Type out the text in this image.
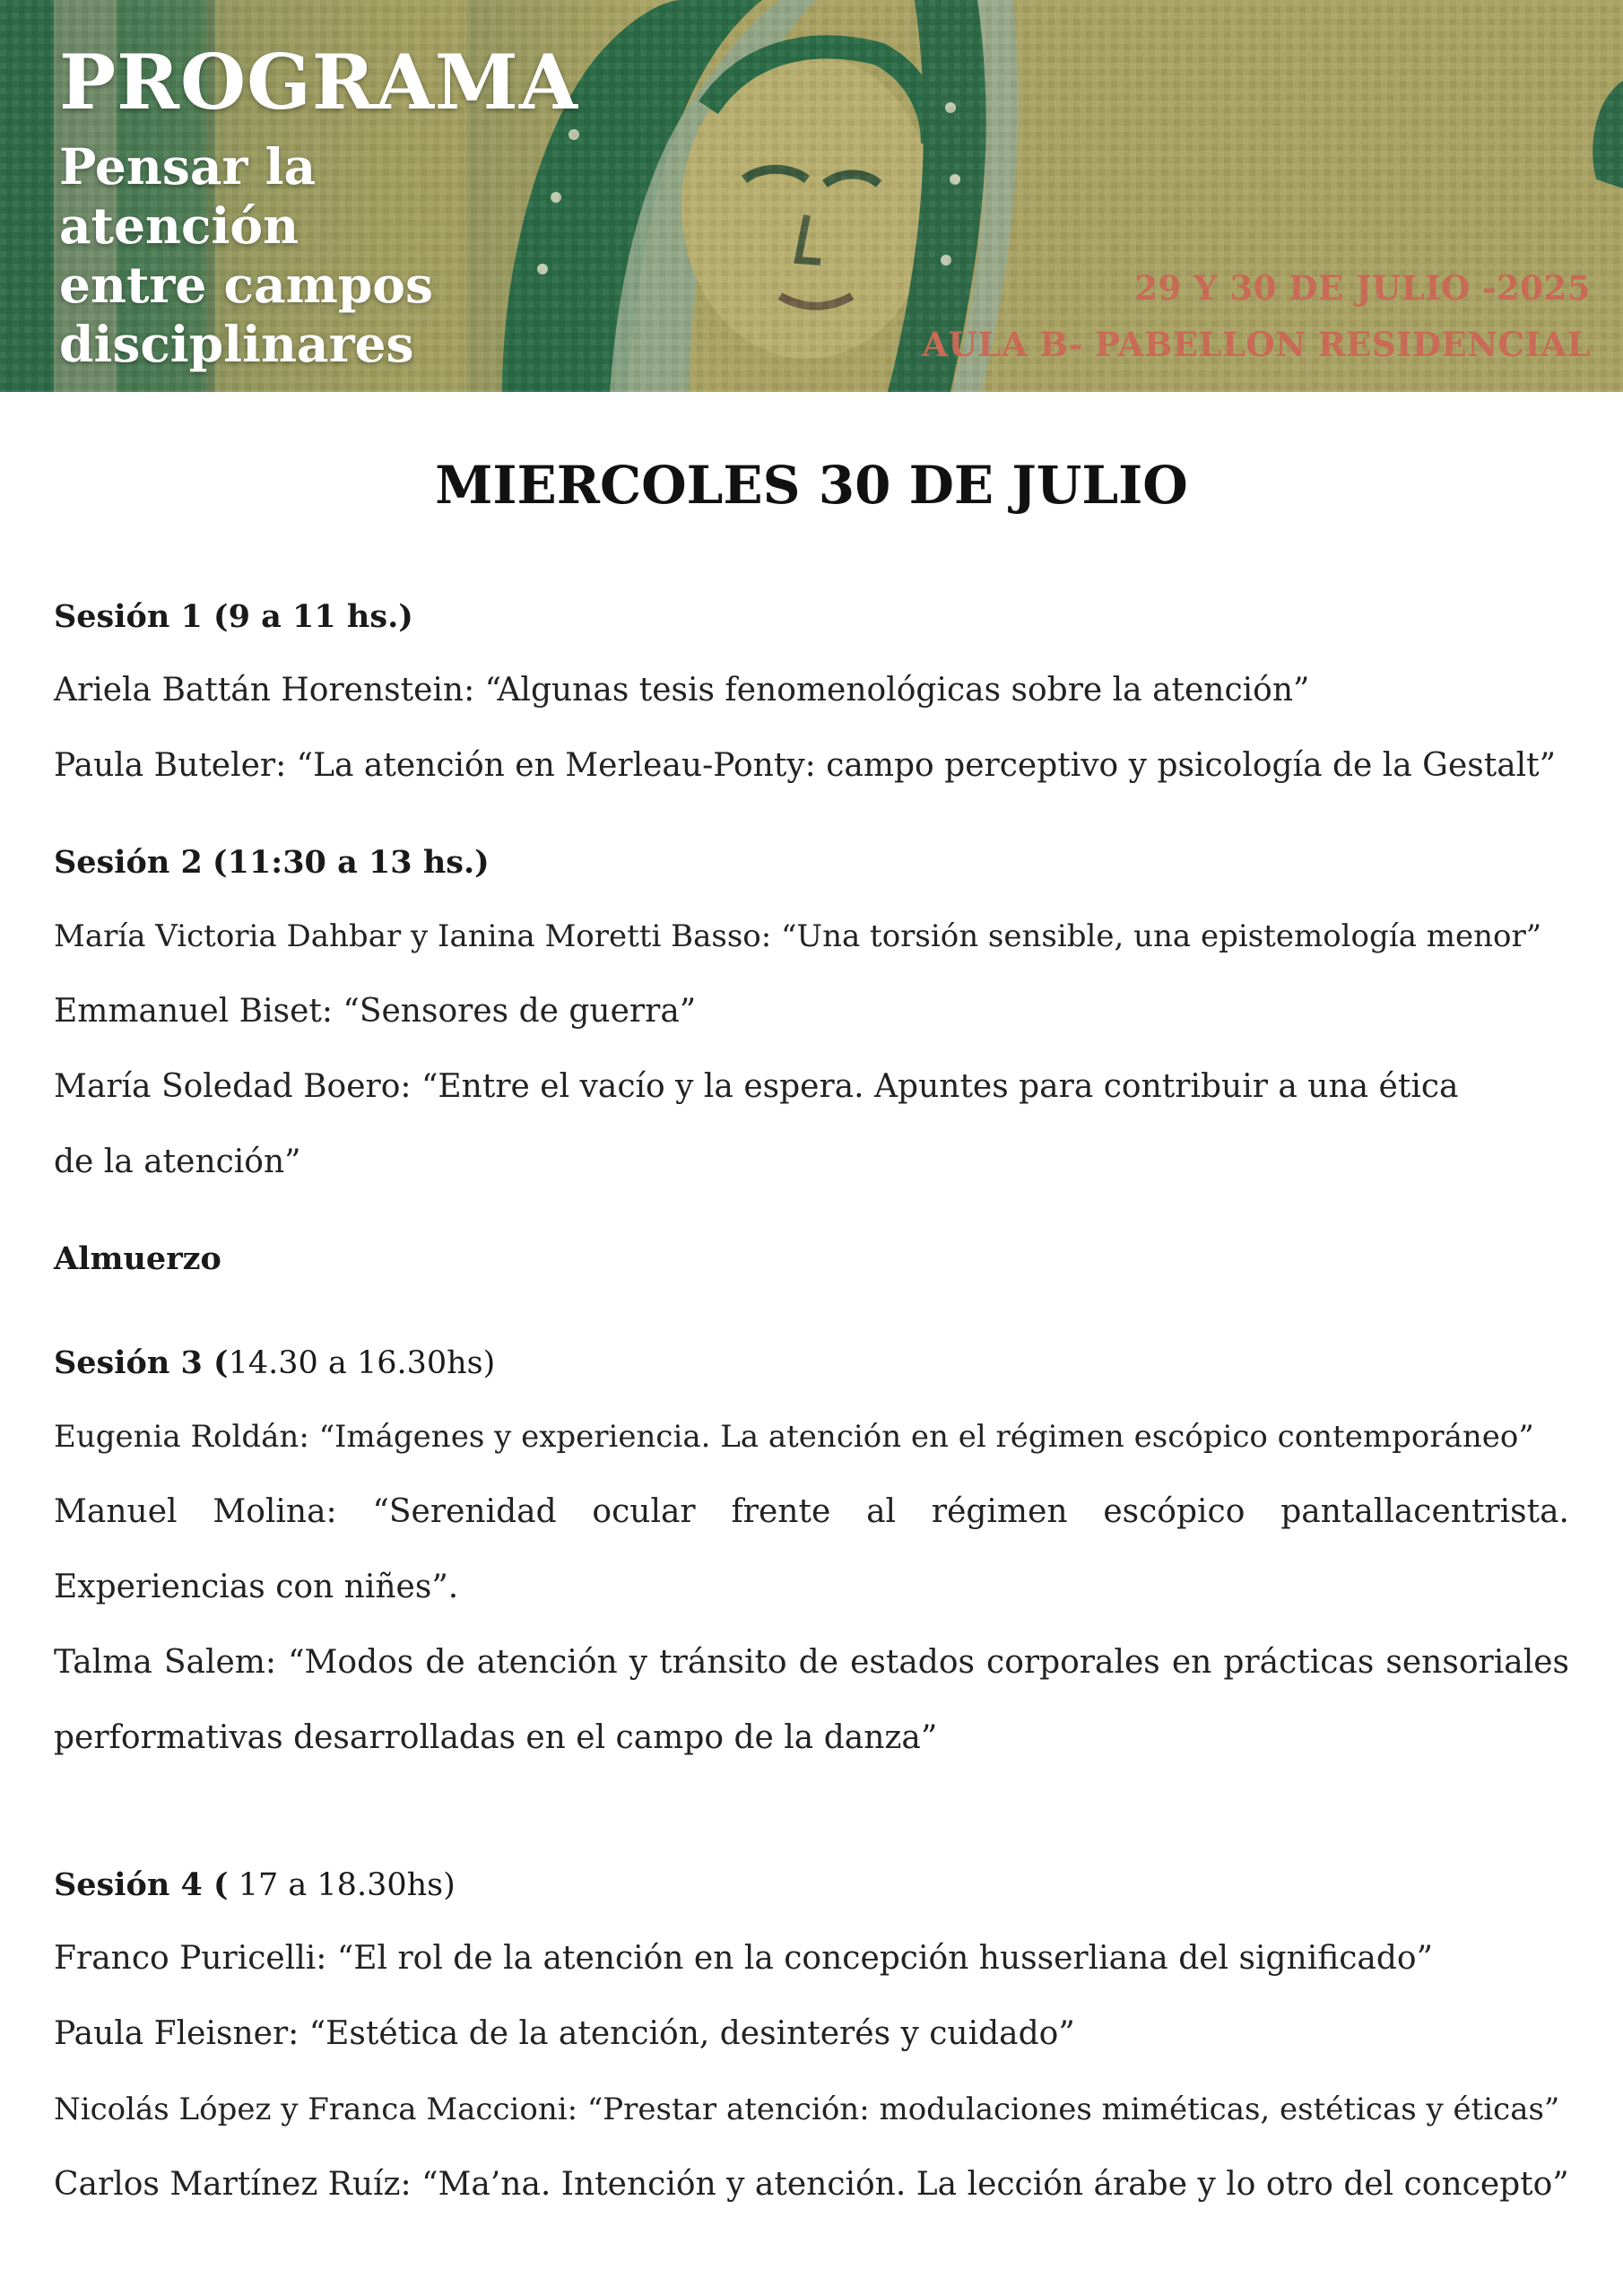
PROGRAMA
Pensar la atención
entre campos
disciplinares
29 Y 30 DE JULIO -2025
AULA B- PABELLON RESIDENCIAL
MIERCOLES 30 DE JULIO
Sesión 1 (9 a 11 hs.)
Ariela Battán Horenstein: “Algunas tesis fenomenológicas sobre la atención”
Paula Buteler: “La atención en Merleau-Ponty: campo perceptivo y psicología de la Gestalt”
Sesión 2 (11:30 a 13 hs.)
María Victoria Dahbar y Ianina Moretti Basso: “Una torsión sensible, una epistemología menor”
Emmanuel Biset: “Sensores de guerra”
María Soledad Boero: “Entre el vacío y la espera. Apuntes para contribuir a una ética
de la atención”
Almuerzo
Sesión 3 (14.30 a 16.30hs)
Eugenia Roldán: “Imágenes y experiencia. La atención en el régimen escópico contemporáneo”
Manuel Molina: “Serenidad ocular frente al régimen escópico pantallacentrista. Experiencias con niñes”.
Talma Salem: “Modos de atención y tránsito de estados corporales en prácticas sensoriales performativas desarrolladas en el campo de la danza”
Sesión 4 ( 17 a 18.30hs)
Franco Puricelli: “El rol de la atención en la concepción husserliana del significado”
Paula Fleisner: “Estética de la atención, desinterés y cuidado”
Nicolás López y Franca Maccioni: “Prestar atención: modulaciones miméticas, estéticas y éticas”
Carlos Martínez Ruíz: “Ma’na. Intención y atención. La lección árabe y lo otro del concepto”
